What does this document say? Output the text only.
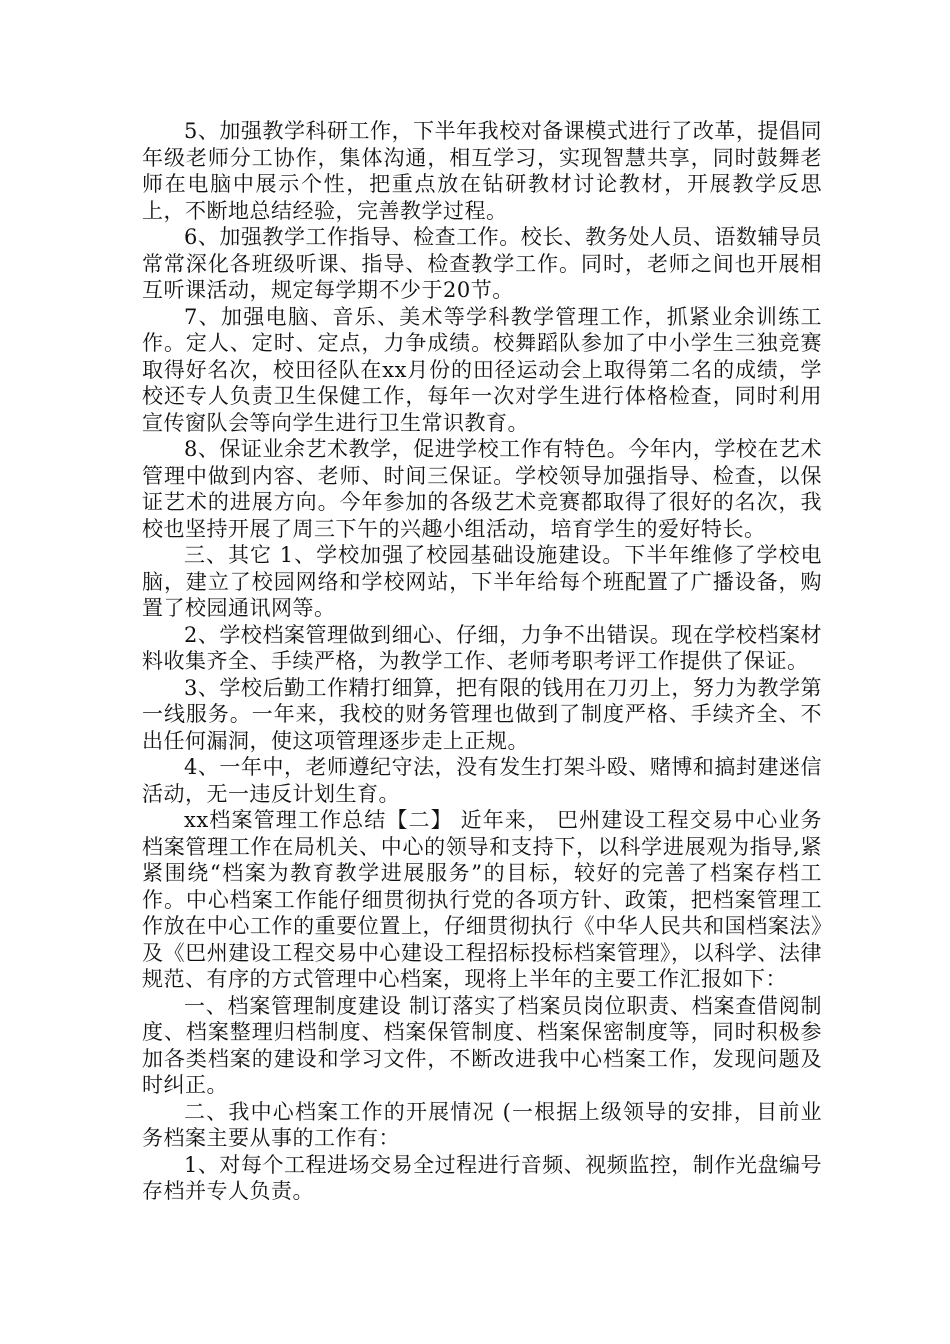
5、加强教学科研工作，下半年我校对备课模式进行了改革，提倡同年级老师分工协作，集体沟通，相互学习，实现智慧共享，同时鼓舞老师在电脑中展示个性，把重点放在钻研教材讨论教材，开展教学反思上，不断地总结经验，完善教学过程。

6、加强教学工作指导、检查工作。校长、教务处人员、语数辅导员常常深化各班级听课、指导、检查教学工作。同时，老师之间也开展相互听课活动，规定每学期不少于20节。

7、加强电脑、音乐、美术等学科教学管理工作，抓紧业余训练工作。定人、定时、定点，力争成绩。校舞蹈队参加了中小学生三独竞赛取得好名次，校田径队在xx月份的田径运动会上取得第二名的成绩，学校还专人负责卫生保健工作，每年一次对学生进行体格检查，同时利用宣传窗队会等向学生进行卫生常识教育。

8、保证业余艺术教学，促进学校工作有特色。今年内，学校在艺术管理中做到内容、老师、时间三保证。学校领导加强指导、检查，以保证艺术的进展方向。今年参加的各级艺术竞赛都取得了很好的名次，我校也坚持开展了周三下午的兴趣小组活动，培育学生的爱好特长。

三、其它 1、学校加强了校园基础设施建设。下半年维修了学校电脑，建立了校园网络和学校网站，下半年给每个班配置了广播设备，购置了校园通讯网等。

2、学校档案管理做到细心、仔细，力争不出错误。现在学校档案材料收集齐全、手续严格，为教学工作、老师考职考评工作提供了保证。

3、学校后勤工作精打细算，把有限的钱用在刀刃上，努力为教学第一线服务。一年来，我校的财务管理也做到了制度严格、手续齐全、不出任何漏洞，使这项管理逐步走上正规。

4、一年中，老师遵纪守法，没有发生打架斗殴、赌博和搞封建迷信活动，无一违反计划生育。

xx档案管理工作总结【二】 近年来， 巴州建设工程交易中心业务档案管理工作在局机关、中心的领导和支持下，以科学进展观为指导,紧紧围绕“档案为教育教学进展服务”的目标，较好的完善了档案存档工作。中心档案工作能仔细贯彻执行党的各项方针、政策，把档案管理工作放在中心工作的重要位置上，仔细贯彻执行《中华人民共和国档案法》及《巴州建设工程交易中心建设工程招标投标档案管理》，以科学、法律规范、有序的方式管理中心档案，现将上半年的主要工作汇报如下：

一、档案管理制度建设 制订落实了档案员岗位职责、档案查借阅制度、档案整理归档制度、档案保管制度、档案保密制度等，同时积极参加各类档案的建设和学习文件，不断改进我中心档案工作，发现问题及时纠正。

二、我中心档案工作的开展情况 (一根据上级领导的安排，目前业务档案主要从事的工作有：

1、对每个工程进场交易全过程进行音频、视频监控，制作光盘编号存档并专人负责。
